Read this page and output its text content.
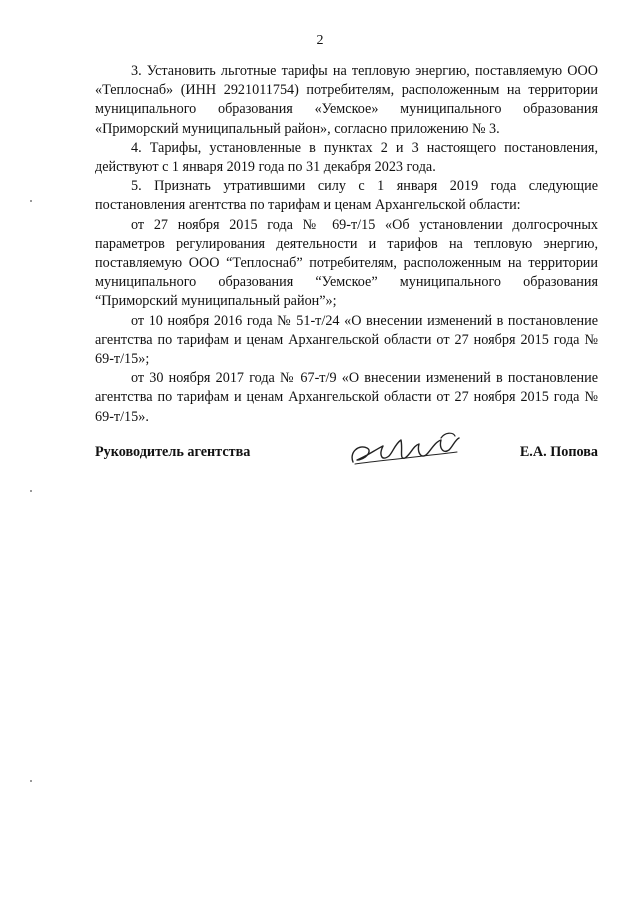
2

3. Установить льготные тарифы на тепловую энергию, поставляемую ООО «Теплоснаб» (ИНН 2921011754) потребителям, расположенным на территории муниципального образования «Уемское» муниципального образования «Приморский муниципальный район», согласно приложению № 3.

4. Тарифы, установленные в пунктах 2 и 3 настоящего постановления, действуют с 1 января 2019 года по 31 декабря 2023 года.

5. Признать утратившими силу с 1 января 2019 года следующие постановления агентства по тарифам и ценам Архангельской области:

от 27 ноября 2015 года № 69-т/15 «Об установлении долгосрочных параметров регулирования деятельности и тарифов на тепловую энергию, поставляемую ООО “Теплоснаб” потребителям, расположенным на территории муниципального образования “Уемское” муниципального образования “Приморский муниципальный район”»;

от 10 ноября 2016 года № 51-т/24 «О внесении изменений в постановление агентства по тарифам и ценам Архангельской области от 27 ноября 2015 года № 69-т/15»;

от 30 ноября 2017 года № 67-т/9 «О внесении изменений в постановление агентства по тарифам и ценам Архангельской области от 27 ноября 2015 года № 69-т/15».

Руководитель агентства	Е.А. Попова
